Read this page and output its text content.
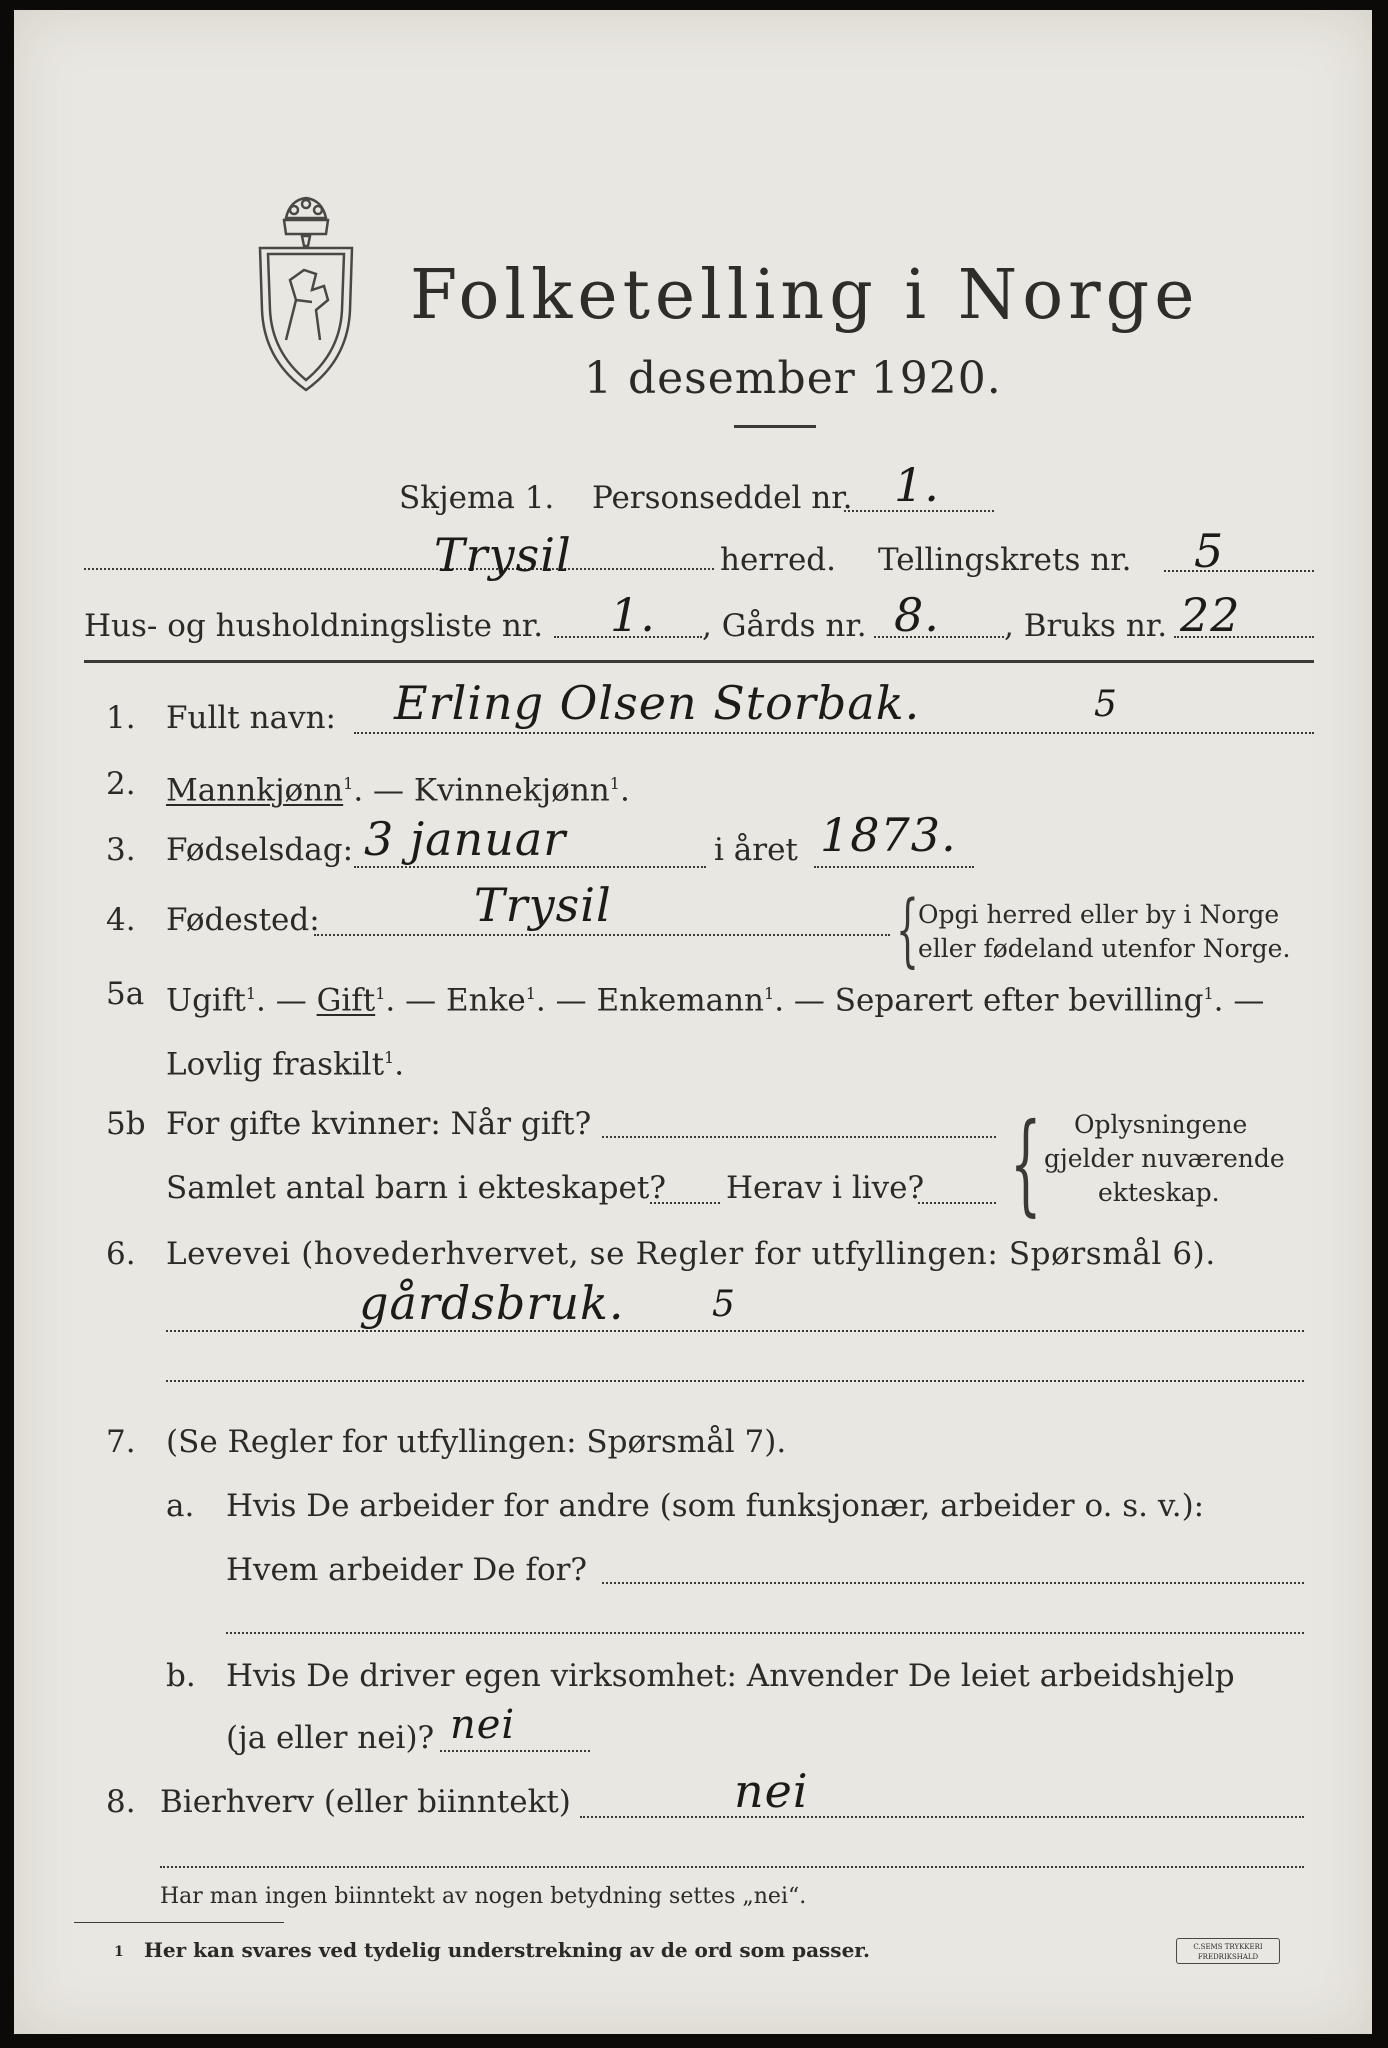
Folketelling i Norge
1 desember 1920.
Skjema 1. Personseddel nr. 1.
Trysil	herred. Tellingskrets nr. 5
Hus- og husholdningsliste nr. 1. , Gårds nr. 8. , Bruks nr. 22
1. Fullt navn: Erling Olsen Storbak.	5
2. Mannkjønn$^1$. — Kvinnekjønn$^1$.
3. Fødselsdag: 3 januar	i året 1873.
4. Fødested:	Trysil	{ Opgi herred eller by i Norge
eller fødeland utenfor Norge.
5a Ugift$^1$. — Gift$^1$. — Enke$^1$. — Enkemann$^1$. — Separert efter bevilling$^1$. —
Lovlig fraskilt$^1$.
5b For gifte kvinner: Når gift?
Samlet antal barn i ekteskapet? Herav i live? { Oplysningene
gjelder nuværende
ekteskap.
6. Levevei (hovederhvervet, se Regler for utfyllingen: Spørsmål 6).
gårdsbruk. 5
7. (Se Regler for utfyllingen: Spørsmål 7).
a. Hvis De arbeider for andre (som funksjonær, arbeider o. s. v.):
Hvem arbeider De for?
b. Hvis De driver egen virksomhet: Anvender De leiet arbeidshjelp
(ja eller nei)? nei
8. Bierhverv (eller biinntekt)	nei
Har man ingen biinntekt av nogen betydning settes „nei“.
1 Her kan svares ved tydelig understrekning av de ord som passer.	C.SEMS TRYKKERI FREDRIKSHALD
